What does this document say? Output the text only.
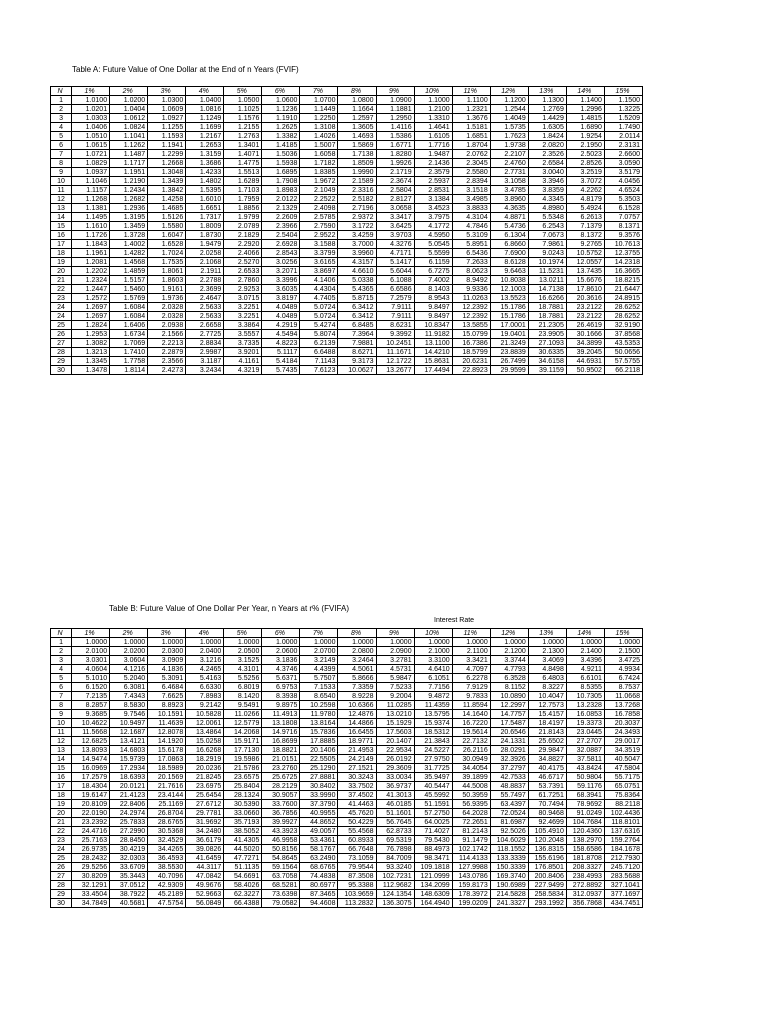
Table A: Future Value of One Dollar at the End of n Years (FVIF)
N	1%	2%	3%	4%	5%	6%	7%	8%	9%	10%	11%	12%	13%	14%	15%
1	1.0100	1.0200	1.0300	1.0400	1.0500	1.0600	1.0700	1.0800	1.0900	1.1000	1.1100	1.1200	1.1300	1.1400	1.1500
2	1.0201	1.0404	1.0609	1.0816	1.1025	1.1236	1.1449	1.1664	1.1881	1.2100	1.2321	1.2544	1.2769	1.2996	1.3225
3	1.0303	1.0612	1.0927	1.1249	1.1576	1.1910	1.2250	1.2597	1.2950	1.3310	1.3676	1.4049	1.4429	1.4815	1.5209
4	1.0406	1.0824	1.1255	1.1699	1.2155	1.2625	1.3108	1.3605	1.4116	1.4641	1.5181	1.5735	1.6305	1.6890	1.7490
5	1.0510	1.1041	1.1593	1.2167	1.2763	1.3382	1.4026	1.4693	1.5386	1.6105	1.6851	1.7623	1.8424	1.9254	2.0114
6	1.0615	1.1262	1.1941	1.2653	1.3401	1.4185	1.5007	1.5869	1.6771	1.7716	1.8704	1.9738	2.0820	2.1950	2.3131
7	1.0721	1.1487	1.2299	1.3159	1.4071	1.5036	1.6058	1.7138	1.8280	1.9487	2.0762	2.2107	2.3526	2.5023	2.6600
8	1.0829	1.1717	1.2668	1.3686	1.4775	1.5938	1.7182	1.8509	1.9926	2.1436	2.3045	2.4760	2.6584	2.8526	3.0590
9	1.0937	1.1951	1.3048	1.4233	1.5513	1.6895	1.8385	1.9990	2.1719	2.3579	2.5580	2.7731	3.0040	3.2519	3.5179
10	1.1046	1.2190	1.3439	1.4802	1.6289	1.7908	1.9672	2.1589	2.3674	2.5937	2.8394	3.1058	3.3946	3.7072	4.0456
11	1.1157	1.2434	1.3842	1.5395	1.7103	1.8983	2.1049	2.3316	2.5804	2.8531	3.1518	3.4785	3.8359	4.2262	4.6524
12	1.1268	1.2682	1.4258	1.6010	1.7959	2.0122	2.2522	2.5182	2.8127	3.1384	3.4985	3.8960	4.3345	4.8179	5.3503
13	1.1381	1.2936	1.4685	1.6651	1.8856	2.1329	2.4098	2.7196	3.0658	3.4523	3.8833	4.3635	4.8980	5.4924	6.1528
14	1.1495	1.3195	1.5126	1.7317	1.9799	2.2609	2.5785	2.9372	3.3417	3.7975	4.3104	4.8871	5.5348	6.2613	7.0757
15	1.1610	1.3459	1.5580	1.8009	2.0789	2.3966	2.7590	3.1722	3.6425	4.1772	4.7846	5.4736	6.2543	7.1379	8.1371
16	1.1726	1.3728	1.6047	1.8730	2.1829	2.5404	2.9522	3.4259	3.9703	4.5950	5.3109	6.1304	7.0673	8.1372	9.3576
17	1.1843	1.4002	1.6528	1.9479	2.2920	2.6928	3.1588	3.7000	4.3276	5.0545	5.8951	6.8660	7.9861	9.2765	10.7613
18	1.1961	1.4282	1.7024	2.0258	2.4066	2.8543	3.3799	3.9960	4.7171	5.5599	6.5436	7.6900	9.0243	10.5752	12.3755
19	1.2081	1.4568	1.7535	2.1068	2.5270	3.0256	3.6165	4.3157	5.1417	6.1159	7.2633	8.6128	10.1974	12.0557	14.2318
20	1.2202	1.4859	1.8061	2.1911	2.6533	3.2071	3.8697	4.6610	5.6044	6.7275	8.0623	9.6463	11.5231	13.7435	16.3665
21	1.2324	1.5157	1.8603	2.2788	2.7860	3.3996	4.1406	5.0338	6.1088	7.4002	8.9492	10.8038	13.0211	15.6676	18.8215
22	1.2447	1.5460	1.9161	2.3699	2.9253	3.6035	4.4304	5.4365	6.6586	8.1403	9.9336	12.1003	14.7138	17.8610	21.6447
23	1.2572	1.5769	1.9736	2.4647	3.0715	3.8197	4.7405	5.8715	7.2579	8.9543	11.0263	13.5523	16.6266	20.3616	24.8915
24	1.2697	1.6084	2.0328	2.5633	3.2251	4.0489	5.0724	6.3412	7.9111	9.8497	12.2392	15.1786	18.7881	23.2122	28.6252
24	1.2697	1.6084	2.0328	2.5633	3.2251	4.0489	5.0724	6.3412	7.9111	9.8497	12.2392	15.1786	18.7881	23.2122	28.6252
25	1.2824	1.6406	2.0938	2.6658	3.3864	4.2919	5.4274	6.8485	8.6231	10.8347	13.5855	17.0001	21.2305	26.4619	32.9190
26	1.2953	1.6734	2.1566	2.7725	3.5557	4.5494	5.8074	7.3964	9.3992	11.9182	15.0799	19.0401	23.9905	30.1666	37.8568
27	1.3082	1.7069	2.2213	2.8834	3.7335	4.8223	6.2139	7.9881	10.2451	13.1100	16.7386	21.3249	27.1093	34.3899	43.5353
28	1.3213	1.7410	2.2879	2.9987	3.9201	5.1117	6.6488	8.6271	11.1671	14.4210	18.5799	23.8839	30.6335	39.2045	50.0656
29	1.3345	1.7758	2.3566	3.1187	4.1161	5.4184	7.1143	9.3173	12.1722	15.8631	20.6231	26.7499	34.6158	44.6931	57.5755
30	1.3478	1.8114	2.4273	3.2434	4.3219	5.7435	7.6123	10.0627	13.2677	17.4494	22.8923	29.9599	39.1159	50.9502	66.2118
Table B: Future Value of One Dollar Per Year, n Years at r% (FVIFA)
Interest Rate
N	1%	2%	3%	4%	5%	6%	7%	8%	9%	10%	11%	12%	13%	14%	15%
1	1.0000	1.0000	1.0000	1.0000	1.0000	1.0000	1.0000	1.0000	1.0000	1.0000	1.0000	1.0000	1.0000	1.0000	1.0000
2	2.0100	2.0200	2.0300	2.0400	2.0500	2.0600	2.0700	2.0800	2.0900	2.1000	2.1100	2.1200	2.1300	2.1400	2.1500
3	3.0301	3.0604	3.0909	3.1216	3.1525	3.1836	3.2149	3.2464	3.2781	3.3100	3.3421	3.3744	3.4069	3.4396	3.4725
4	4.0604	4.1216	4.1836	4.2465	4.3101	4.3746	4.4399	4.5061	4.5731	4.6410	4.7097	4.7793	4.8498	4.9211	4.9934
5	5.1010	5.2040	5.3091	5.4163	5.5256	5.6371	5.7507	5.8666	5.9847	6.1051	6.2278	6.3528	6.4803	6.6101	6.7424
6	6.1520	6.3081	6.4684	6.6330	6.8019	6.9753	7.1533	7.3359	7.5233	7.7156	7.9129	8.1152	8.3227	8.5355	8.7537
7	7.2135	7.4343	7.6625	7.8983	8.1420	8.3938	8.6540	8.9228	9.2004	9.4872	9.7833	10.0890	10.4047	10.7305	11.0668
8	8.2857	8.5830	8.8923	9.2142	9.5491	9.8975	10.2598	10.6366	11.0285	11.4359	11.8594	12.2997	12.7573	13.2328	13.7268
9	9.3685	9.7546	10.1591	10.5828	11.0266	11.4913	11.9780	12.4876	13.0210	13.5795	14.1640	14.7757	15.4157	16.0853	16.7858
10	10.4622	10.9497	11.4639	12.0061	12.5779	13.1808	13.8164	14.4866	15.1929	15.9374	16.7220	17.5487	18.4197	19.3373	20.3037
11	11.5668	12.1687	12.8078	13.4864	14.2068	14.9716	15.7836	16.6455	17.5603	18.5312	19.5614	20.6546	21.8143	23.0445	24.3493
12	12.6825	13.4121	14.1920	15.0258	15.9171	16.8699	17.8885	18.9771	20.1407	21.3843	22.7132	24.1331	25.6502	27.2707	29.0017
13	13.8093	14.6803	15.6178	16.6268	17.7130	18.8821	20.1406	21.4953	22.9534	24.5227	26.2116	28.0291	29.9847	32.0887	34.3519
14	14.9474	15.9739	17.0863	18.2919	19.5986	21.0151	22.5505	24.2149	26.0192	27.9750	30.0949	32.3926	34.8827	37.5811	40.5047
15	16.0969	17.2934	18.5989	20.0236	21.5786	23.2760	25.1290	27.1521	29.3609	31.7725	34.4054	37.2797	40.4175	43.8424	47.5804
16	17.2579	18.6393	20.1569	21.8245	23.6575	25.6725	27.8881	30.3243	33.0034	35.9497	39.1899	42.7533	46.6717	50.9804	55.7175
17	18.4304	20.0121	21.7616	23.6975	25.8404	28.2129	30.8402	33.7502	36.9737	40.5447	44.5008	48.8837	53.7391	59.1176	65.0751
18	19.6147	21.4123	23.4144	25.6454	28.1324	30.9057	33.9990	37.4502	41.3013	45.5992	50.3959	55.7497	61.7251	68.3941	75.8364
19	20.8109	22.8406	25.1169	27.6712	30.5390	33.7600	37.3790	41.4463	46.0185	51.1591	56.9395	63.4397	70.7494	78.9692	88.2118
20	22.0190	24.2974	26.8704	29.7781	33.0660	36.7856	40.9955	45.7620	51.1601	57.2750	64.2028	72.0524	80.9468	91.0249	102.4436
21	23.2392	25.7833	28.6765	31.9692	35.7193	39.9927	44.8652	50.4229	56.7645	64.0025	72.2651	81.6987	92.4699	104.7684	118.8101
22	24.4716	27.2990	30.5368	34.2480	38.5052	43.3923	49.0057	55.4568	62.8733	71.4027	81.2143	92.5026	105.4910	120.4360	137.6316
23	25.7163	28.8450	32.4529	36.6179	41.4305	46.9958	53.4361	60.8933	69.5319	79.5430	91.1479	104.6029	120.2048	138.2970	159.2764
24	26.9735	30.4219	34.4265	39.0826	44.5020	50.8156	58.1767	66.7648	76.7898	88.4973	102.1742	118.1552	136.8315	158.6586	184.1678
25	28.2432	32.0303	36.4593	41.6459	47.7271	54.8645	63.2490	73.1059	84.7009	98.3471	114.4133	133.3339	155.6196	181.8708	212.7930
26	29.5256	33.6709	38.5530	44.3117	51.1135	59.1564	68.6765	79.9544	93.3240	109.1818	127.9988	150.3339	176.8501	208.3327	245.7120
27	30.8209	35.3443	40.7096	47.0842	54.6691	63.7058	74.4838	87.3508	102.7231	121.0999	143.0786	169.3740	200.8406	238.4993	283.5688
28	32.1291	37.0512	42.9309	49.9676	58.4026	68.5281	80.6977	95.3388	112.9682	134.2099	159.8173	190.6989	227.9499	272.8892	327.1041
29	33.4504	38.7922	45.2189	52.9663	62.3227	73.6398	87.3465	103.9659	124.1354	148.6309	178.3972	214.5828	258.5834	312.0937	377.1697
30	34.7849	40.5681	47.5754	56.0849	66.4388	79.0582	94.4608	113.2832	136.3075	164.4940	199.0209	241.3327	293.1992	356.7868	434.7451
